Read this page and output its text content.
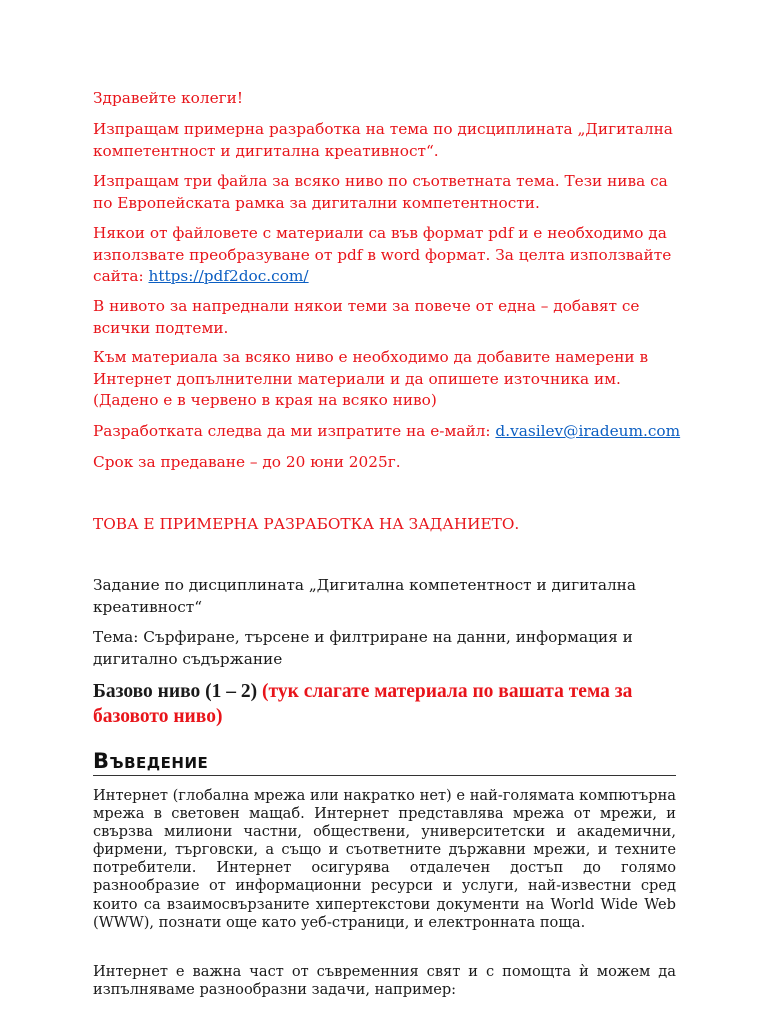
Здравейте колеги!
Изпращам примерна разработка на тема по дисциплината „Дигитална компетентност и дигитална креативност“.
Изпращам три файла за всяко ниво по съответната тема. Тези нива са по Европейската рамка за дигитални компетентности.
Някои от файловете с материали са във формат pdf и е необходимо да използвате преобразуване от pdf в word формат. За целта използвайте сайта: https://pdf2doc.com/
В нивото за напреднали някои теми за повече от една – добавят се всички подтеми.
Към материала за всяко ниво е необходимо да добавите намерени в Интернет допълнителни материали и да опишете източника им. (Дадено е в червено в края на всяко ниво)
Разработката следва да ми изпратите на е-майл: d.vasilev@iradeum.com
Срок за предаване – до 20 юни 2025г.
ТОВА Е ПРИМЕРНА РАЗРАБОТКА НА ЗАДАНИЕТО.
Задание по дисциплината „Дигитална компетентност и дигитална креативност“
Тема: Сърфиране, търсене и филтриране на данни, информация и дигитално съдържание
Базово ниво (1 – 2) (тук слагате материала по вашата тема за базовото ниво)
Въведение
Интернет (глобална мрежа или накратко нет) е най-голямата компютърна мрежа в световен мащаб. Интернет представлява мрежа от мрежи, и свързва милиони частни, обществени, университетски и академични, фирмени, търговски, а също и съответните държавни мрежи, и техните потребители. Интернет осигурява отдалечен достъп до голямо разнообразие от информационни ресурси и услуги, най-известни сред които са взаимосвързаните хипертекстови документи на World Wide Web (WWW), познати още като уеб-страници, и електронната поща.
Интернет е важна част от съвременния свят и с помощта ѝ можем да изпълняваме разнообразни задачи, например:
